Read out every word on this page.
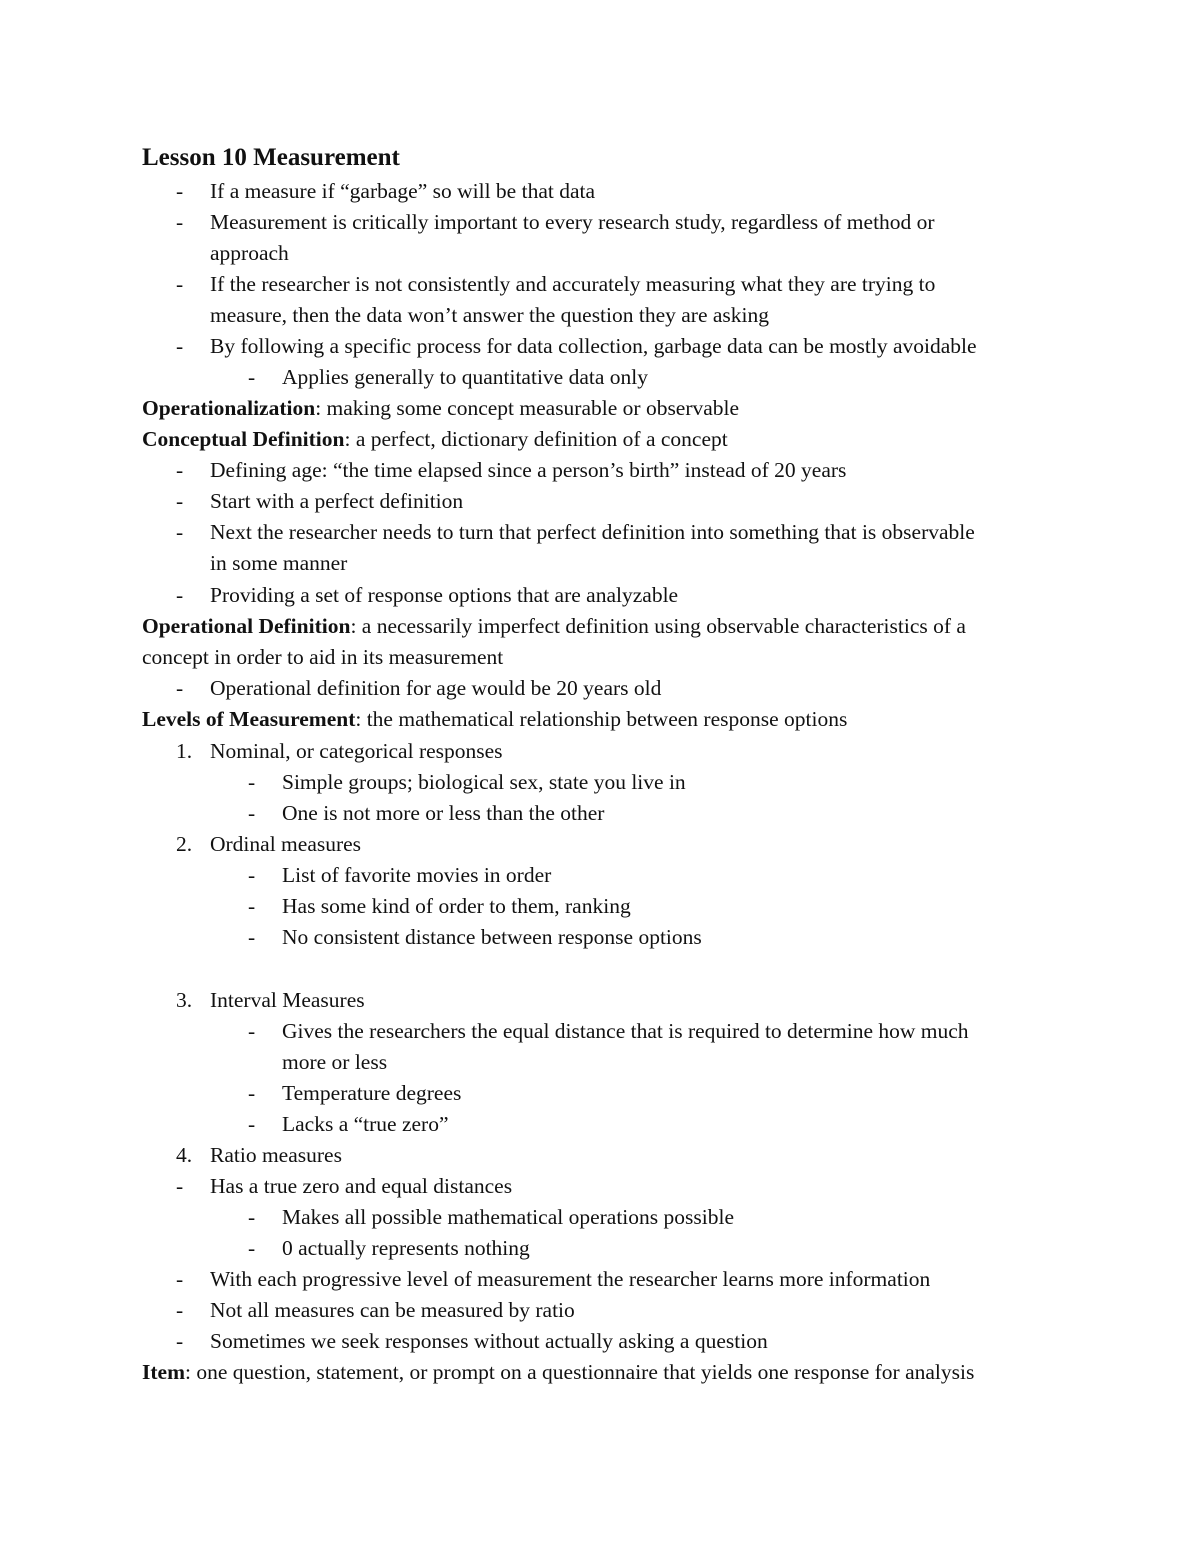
Lesson 10 Measurement
- If a measure if “garbage” so will be that data
- Measurement is critically important to every research study, regardless of method or
approach
- If the researcher is not consistently and accurately measuring what they are trying to
measure, then the data won’t answer the question they are asking
- By following a specific process for data collection, garbage data can be mostly avoidable
- Applies generally to quantitative data only
Operationalization: making some concept measurable or observable
Conceptual Definition: a perfect, dictionary definition of a concept
- Defining age: “the time elapsed since a person’s birth” instead of 20 years
- Start with a perfect definition
- Next the researcher needs to turn that perfect definition into something that is observable
in some manner
- Providing a set of response options that are analyzable
Operational Definition: a necessarily imperfect definition using observable characteristics of a
concept in order to aid in its measurement
- Operational definition for age would be 20 years old
Levels of Measurement: the mathematical relationship between response options
1. Nominal, or categorical responses
- Simple groups; biological sex, state you live in
- One is not more or less than the other
2. Ordinal measures
- List of favorite movies in order
- Has some kind of order to them, ranking
- No consistent distance between response options
3. Interval Measures
- Gives the researchers the equal distance that is required to determine how much
more or less
- Temperature degrees
- Lacks a “true zero”
4. Ratio measures
- Has a true zero and equal distances
- Makes all possible mathematical operations possible
- 0 actually represents nothing
- With each progressive level of measurement the researcher learns more information
- Not all measures can be measured by ratio
- Sometimes we seek responses without actually asking a question
Item: one question, statement, or prompt on a questionnaire that yields one response for analysis
